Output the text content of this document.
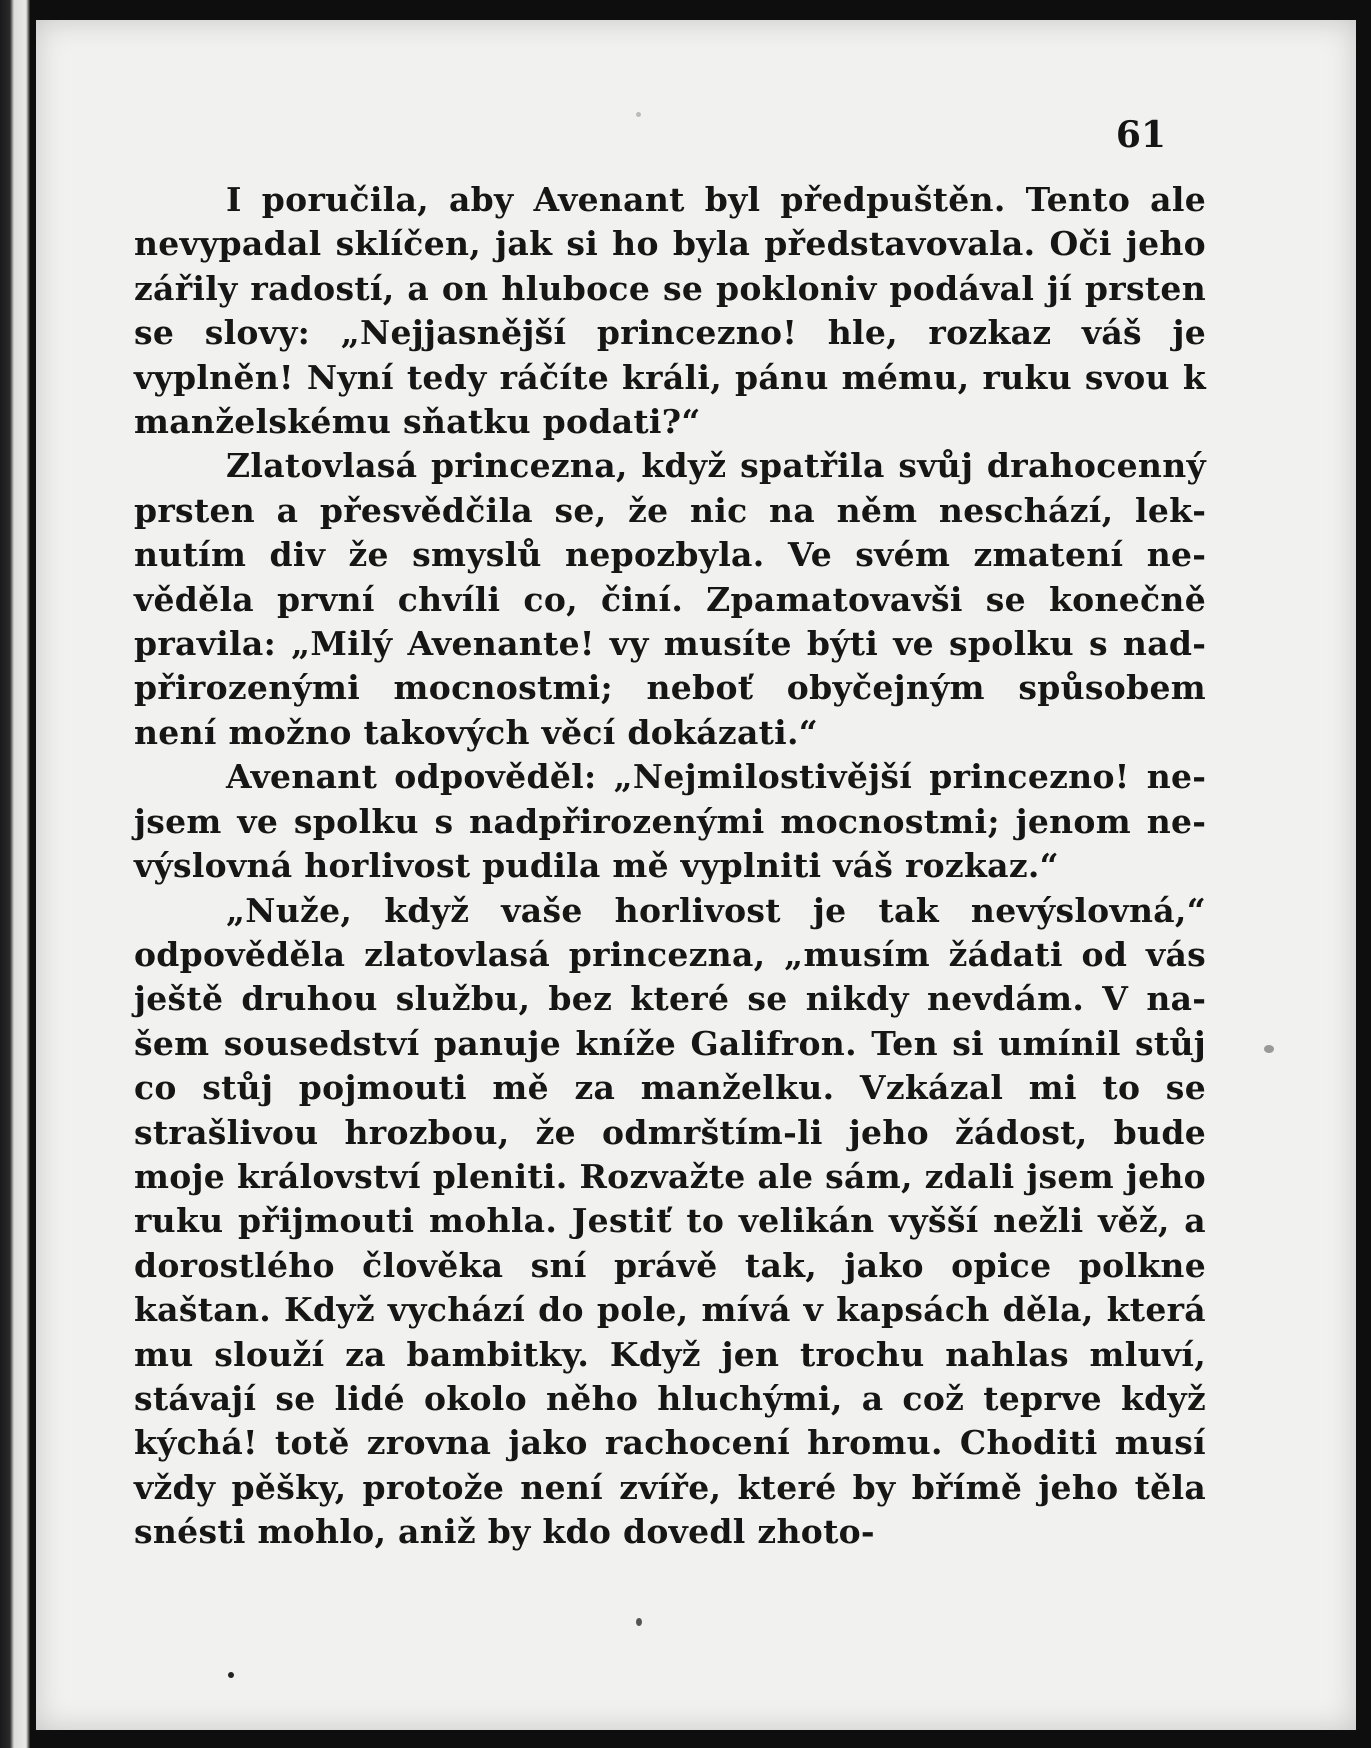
61

I poručila, aby Avenant byl předpuštěn. Tento ale nevypadal sklíčen, jak si ho byla představovala. Oči jeho zářily radostí, a on hluboce se pokloniv podával jí prsten se slovy: „Nejjasnější princezno! hle, rozkaz váš je vyplněn! Nyní tedy ráčíte králi, pánu mému, ruku svou k manželskému sňatku podati?“

Zlatovlasá princezna, když spatřila svůj drahocenný prsten a přesvědčila se, že nic na něm neschází, leknutím div že smyslů nepozbyla. Ve svém zmatení nevěděla první chvíli co, činí. Zpamatovavši se konečně pravila: „Milý Avenante! vy musíte býti ve spolku s nadpřirozenými mocnostmi; neboť obyčejným spůsobem není možno takových věcí dokázati.“

Avenant odpověděl: „Nejmilostivější princezno! nejsem ve spolku s nadpřirozenými mocnostmi; jenom nevýslovná horlivost pudila mě vyplniti váš rozkaz.“

„Nuže, když vaše horlivost je tak nevýslovná,“ odpověděla zlatovlasá princezna, „musím žádati od vás ještě druhou službu, bez které se nikdy nevdám. V našem sousedství panuje kníže Galifron. Ten si umínil stůj co stůj pojmouti mě za manželku. Vzkázal mi to se strašlivou hrozbou, že odmrštím-li jeho žádost, bude moje království pleniti. Rozvažte ale sám, zdali jsem jeho ruku přijmouti mohla. Jestiť to velikán vyšší nežli věž, a dorostlého člověka sní právě tak, jako opice polkne kaštan. Když vychází do pole, mívá v kapsách děla, která mu slouží za bambitky. Když jen trochu nahlas mluví, stávají se lidé okolo něho hluchými, a což teprve když kýchá! totě zrovna jako rachocení hromu. Choditi musí vždy pěšky, protože není zvíře, které by břímě jeho těla snésti mohlo, aniž by kdo dovedl zhoto-
